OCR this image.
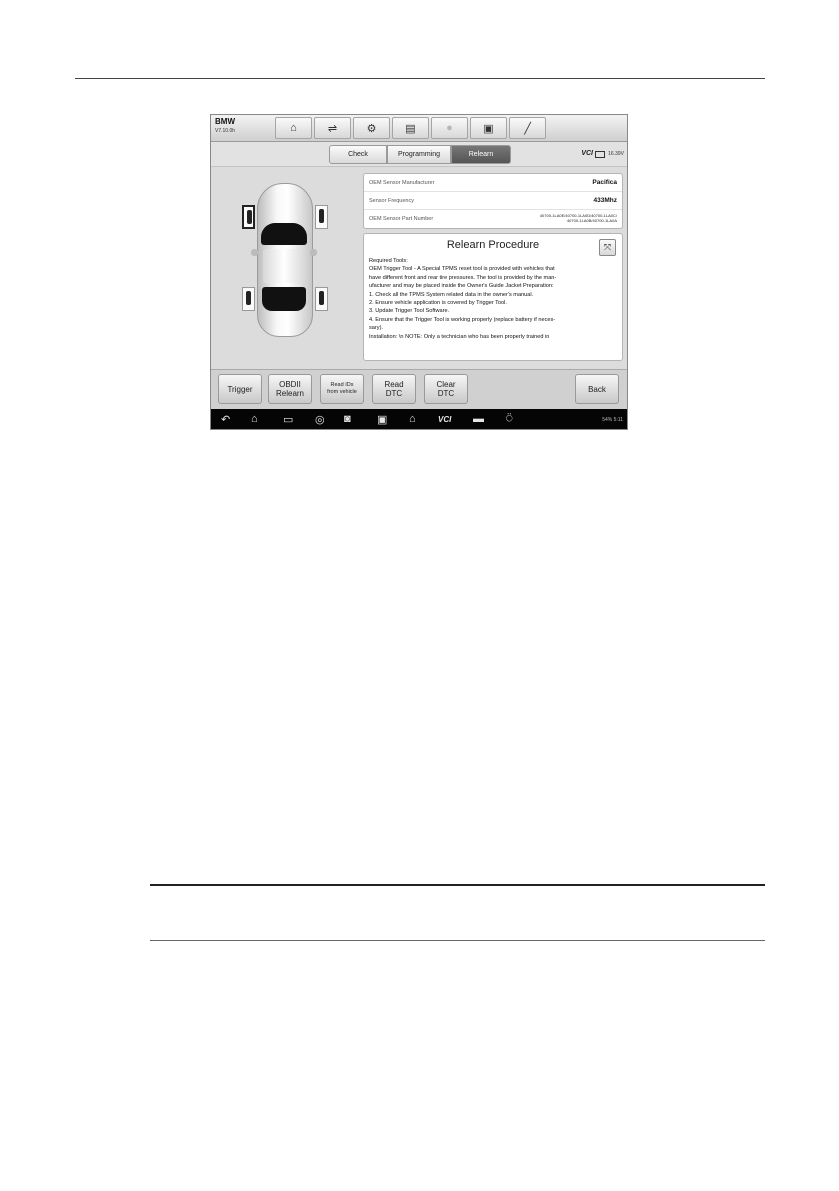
BMW
V7.10.0h	⌂	⇌	⚙	▤	●	▣	╱
Check	Programming	Relearn	VCI	16.39V
OEM Sensor Manufacturer	Pacifica
Sensor Frequency	433Mhz
OEM Sensor Part Number
40700-1LA0E/40700-1LA0D/40700-1LA0C/
40700-1LA0B/40700-1LA0A
Relearn Procedure	⤧
Required Tools:
OEM Trigger Tool - A Special TPMS reset tool is provided with vehicles that
have different front and rear tire pressures. The tool is provided by the man-
ufacturer and may be placed inside the Owner's Guide Jacket Preparation:
1. Check all the TPMS System related data in the owner's manual.
2. Ensure vehicle application is covered by Trigger Tool.
3. Update Trigger Tool Software.
4. Ensure that the Trigger Tool is working properly (replace battery if neces-
sary).
Installation: \n NOTE: Only a technician who has been properly trained in
Trigger	OBDII
Relearn
Read IDs
from vehicle
Read
DTC
Clear
DTC	Back
↶ ⌂ ▭ ◎ ◙ ▣ ⌂	VCI ▬ ⍥	54% 5:11
